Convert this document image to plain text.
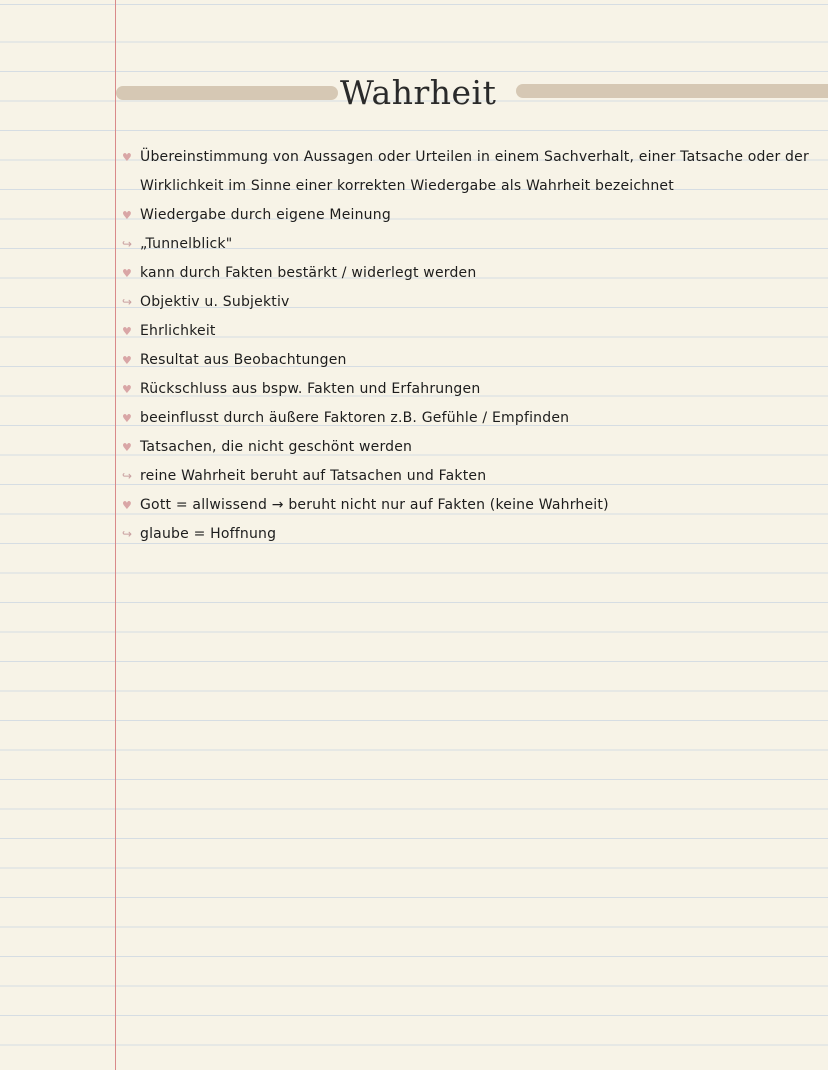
Wahrheit
♥ Übereinstimmung von Aussagen oder Urteilen in einem Sachverhalt, einer Tatsache oder der Wirklichkeit im Sinne einer korrekten Wiedergabe als Wahrheit bezeichnet
♥ Wiedergabe durch eigene Meinung
↪ „Tunnelblick"
♥ kann durch Fakten bestärkt / widerlegt werden
↪ Objektiv u. Subjektiv
♥ Ehrlichkeit
♥ Resultat aus Beobachtungen
♥ Rückschluss aus bspw. Fakten und Erfahrungen
♥ beeinflusst durch äußere Faktoren z.B. Gefühle / Empfinden
♥ Tatsachen, die nicht geschönt werden
↪ reine Wahrheit beruht auf Tatsachen und Fakten
♥ Gott = allwissend → beruht nicht nur auf Fakten (keine Wahrheit)
↪ glaube = Hoffnung
